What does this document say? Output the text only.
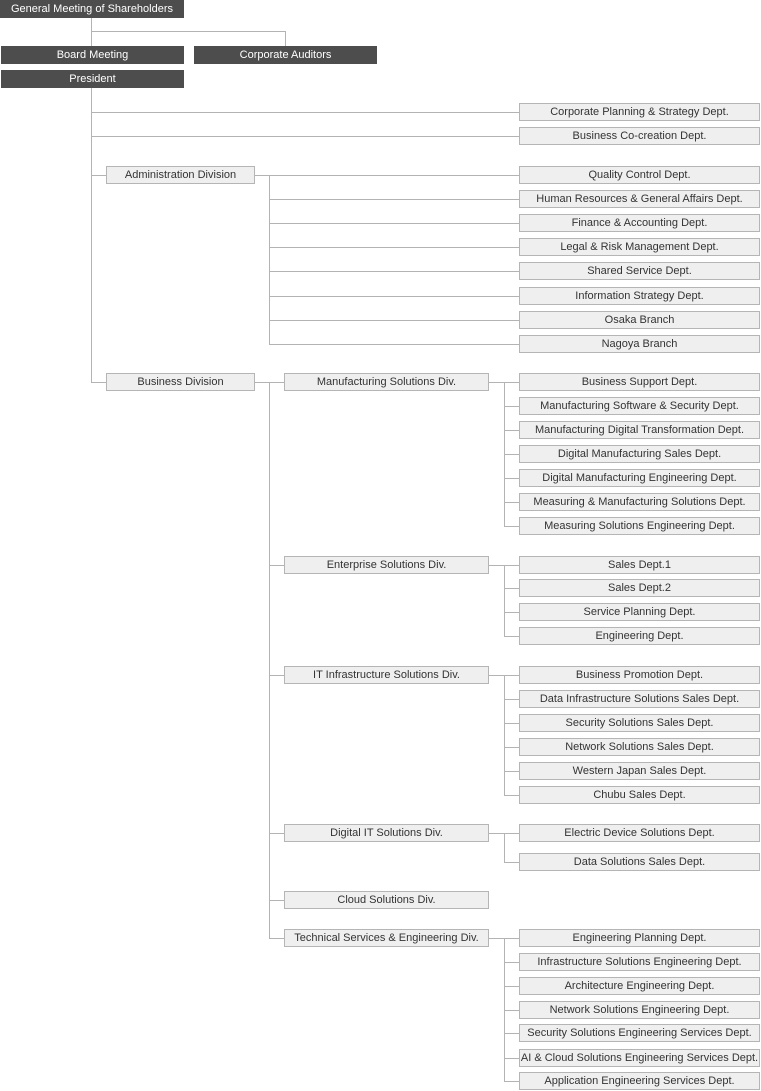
General Meeting of Shareholders
Board Meeting	Corporate Auditors
President
Corporate Planning & Strategy Dept.
Business Co-creation Dept.
Administration Division	Quality Control Dept.
Human Resources & General Affairs Dept.
Finance & Accounting Dept.
Legal & Risk Management Dept.
Shared Service Dept.
Information Strategy Dept.
Osaka Branch
Nagoya Branch
Business Division	Manufacturing Solutions Div.	Business Support Dept.
Manufacturing Software & Security Dept.
Manufacturing Digital Transformation Dept.
Digital Manufacturing Sales Dept.
Digital Manufacturing Engineering Dept.
Measuring & Manufacturing Solutions Dept.
Measuring Solutions Engineering Dept.
Enterprise Solutions Div.	Sales Dept.1
Sales Dept.2
Service Planning Dept.
Engineering Dept.
IT Infrastructure Solutions Div.	Business Promotion Dept.
Data Infrastructure Solutions Sales Dept.
Security Solutions Sales Dept.
Network Solutions Sales Dept.
Western Japan Sales Dept.
Chubu Sales Dept.
Digital IT Solutions Div.	Electric Device Solutions Dept.
Data Solutions Sales Dept.
Cloud Solutions Div.
Technical Services & Engineering Div.	Engineering Planning Dept.
Infrastructure Solutions Engineering Dept.
Architecture Engineering Dept.
Network Solutions Engineering Dept.
Security Solutions Engineering Services Dept.
AI & Cloud Solutions Engineering Services Dept.
Application Engineering Services Dept.
